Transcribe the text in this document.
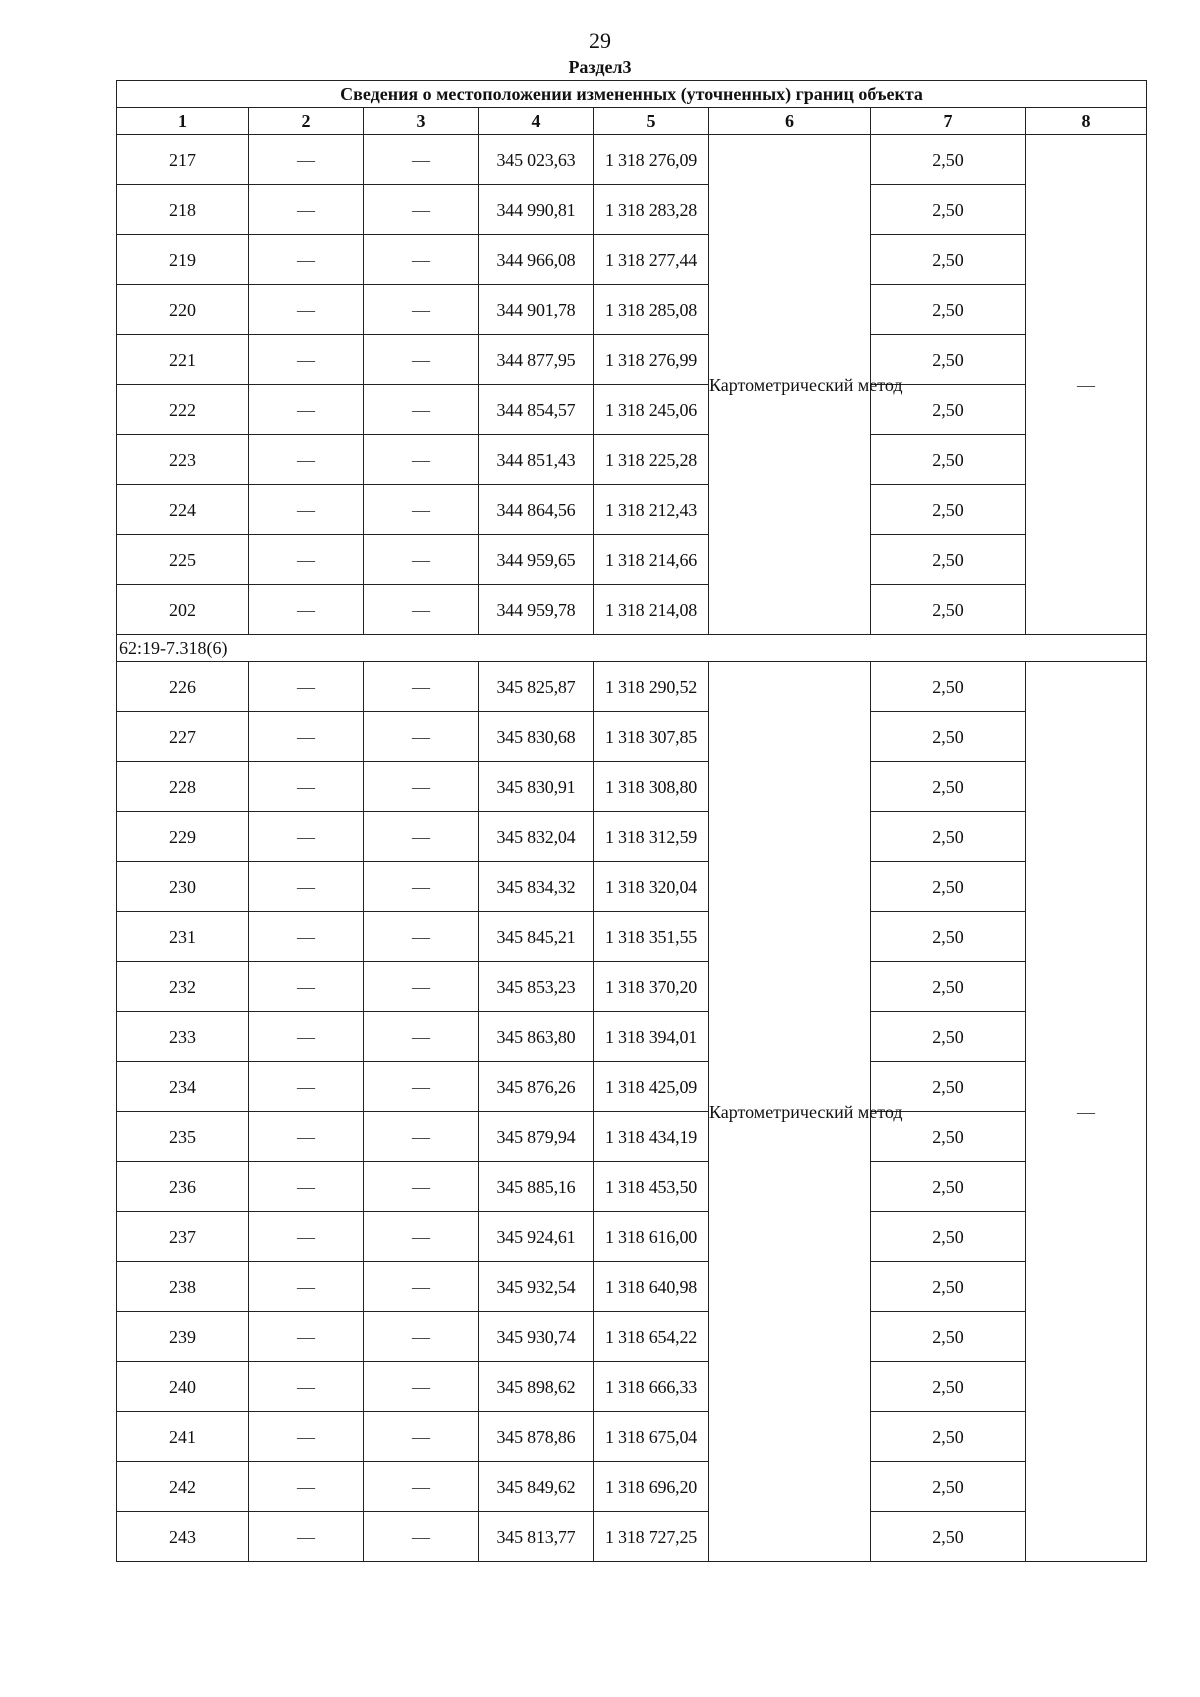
29
Раздел3
Сведения о местоположении измененных (уточненных) границ объекта							
1	2	3	4	5	6	7	8
217	—	—	345 023,63	1 318 276,09	Картометрический метод	2,50	—
218	—	—	344 990,81	1 318 283,28		2,50	
219	—	—	344 966,08	1 318 277,44		2,50	
220	—	—	344 901,78	1 318 285,08		2,50	
221	—	—	344 877,95	1 318 276,99		2,50	
222	—	—	344 854,57	1 318 245,06		2,50	
223	—	—	344 851,43	1 318 225,28		2,50	
224	—	—	344 864,56	1 318 212,43		2,50	
225	—	—	344 959,65	1 318 214,66		2,50	
202	—	—	344 959,78	1 318 214,08		2,50	
62:19-7.318(6)							
226	—	—	345 825,87	1 318 290,52	Картометрический метод	2,50	—
227	—	—	345 830,68	1 318 307,85		2,50	
228	—	—	345 830,91	1 318 308,80		2,50	
229	—	—	345 832,04	1 318 312,59		2,50	
230	—	—	345 834,32	1 318 320,04		2,50	
231	—	—	345 845,21	1 318 351,55		2,50	
232	—	—	345 853,23	1 318 370,20		2,50	
233	—	—	345 863,80	1 318 394,01		2,50	
234	—	—	345 876,26	1 318 425,09		2,50	
235	—	—	345 879,94	1 318 434,19		2,50	
236	—	—	345 885,16	1 318 453,50		2,50	
237	—	—	345 924,61	1 318 616,00		2,50	
238	—	—	345 932,54	1 318 640,98		2,50	
239	—	—	345 930,74	1 318 654,22		2,50	
240	—	—	345 898,62	1 318 666,33		2,50	
241	—	—	345 878,86	1 318 675,04		2,50	
242	—	—	345 849,62	1 318 696,20		2,50	
243	—	—	345 813,77	1 318 727,25		2,50	
